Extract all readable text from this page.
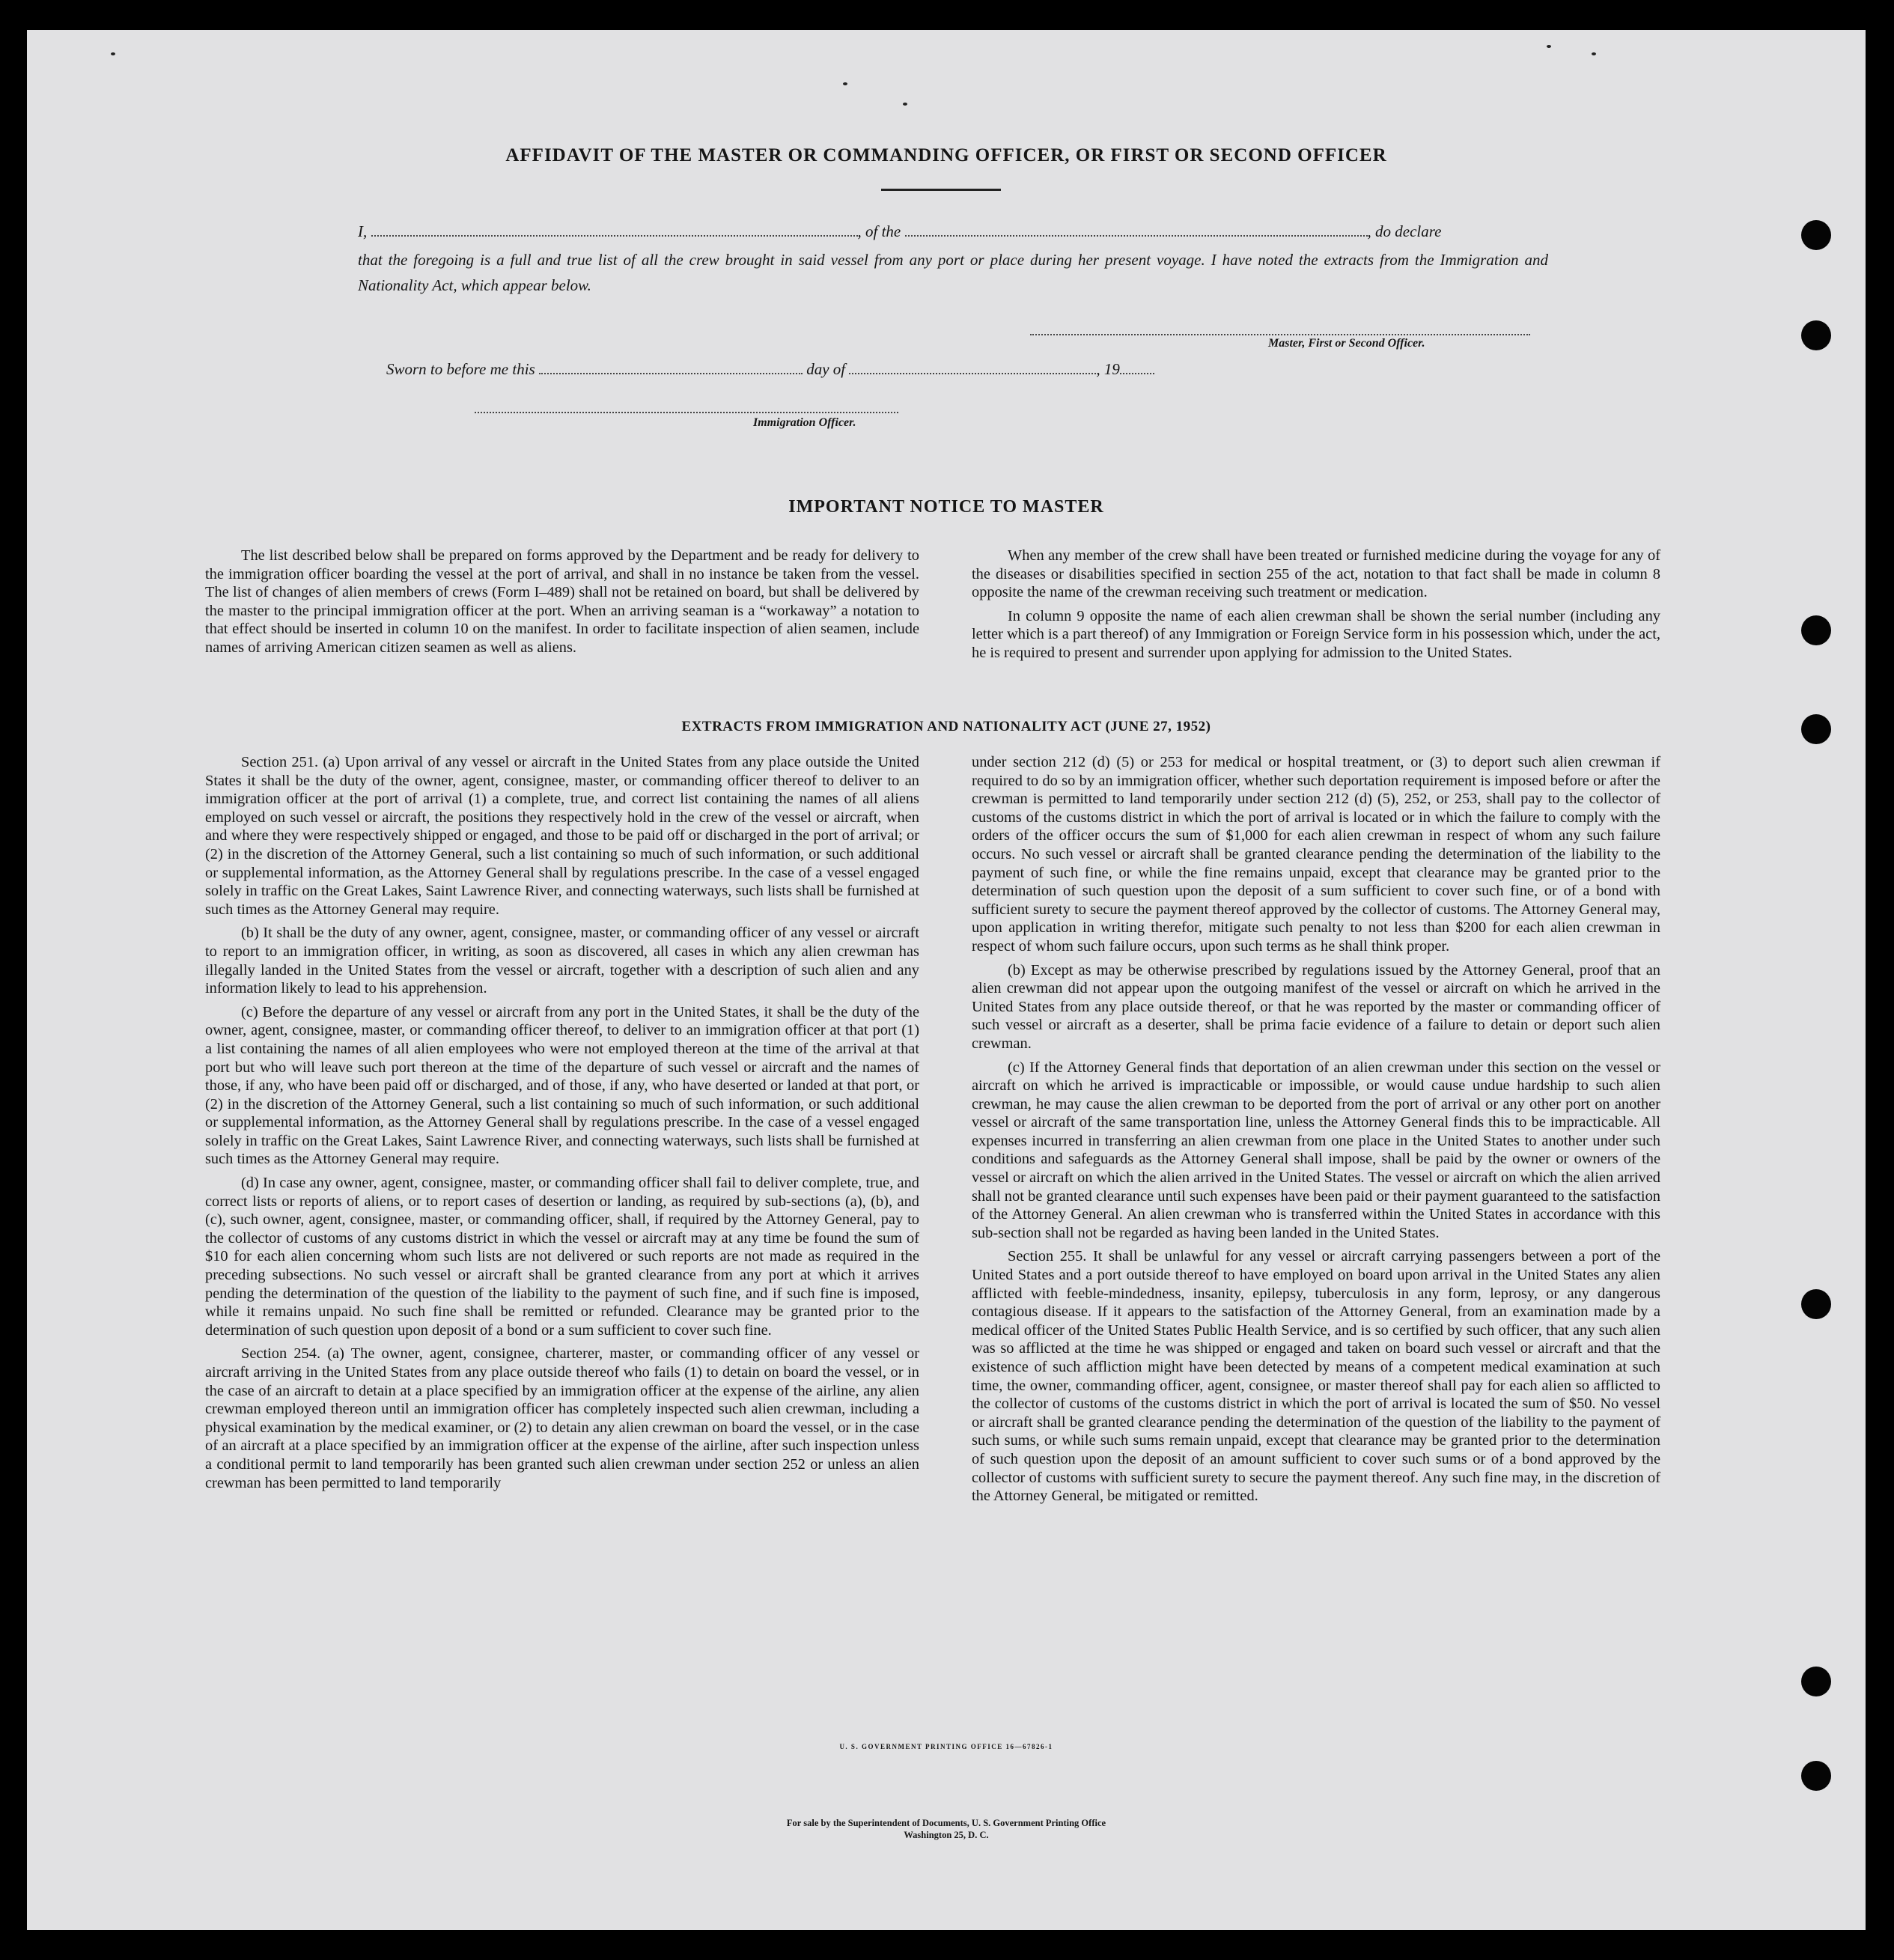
AFFIDAVIT OF THE MASTER OR COMMANDING OFFICER, OR FIRST OR SECOND OFFICER
I,	, of the	, do declare
that the foregoing is a full and true list of all the crew brought in said vessel from any port or place during her present voyage. I have noted the extracts from the Immigration and Nationality Act, which appear below.
Master, First or Second Officer.
Sworn to before me this	day of	, 19
Immigration Officer.
IMPORTANT NOTICE TO MASTER

The list described below shall be prepared on forms approved by the Department and be ready for delivery to the immigration officer boarding the vessel at the port of arrival, and shall in no instance be taken from the vessel. The list of changes of alien members of crews (Form I–489) shall not be retained on board, but shall be delivered by the master to the principal immigration officer at the port. When an arriving seaman is a “workaway” a notation to that effect should be inserted in column 10 on the manifest. In order to facilitate inspection of alien seamen, include names of arriving American citizen seamen as well as aliens.

When any member of the crew shall have been treated or furnished medicine during the voyage for any of the diseases or disabilities specified in section 255 of the act, notation to that fact shall be made in column 8 opposite the name of the crewman receiving such treatment or medication.

In column 9 opposite the name of each alien crewman shall be shown the serial number (including any letter which is a part thereof) of any Immigration or Foreign Service form in his possession which, under the act, he is required to present and surrender upon applying for admission to the United States.

EXTRACTS FROM IMMIGRATION AND NATIONALITY ACT (JUNE 27, 1952)

Section 251. (a) Upon arrival of any vessel or aircraft in the United States from any place outside the United States it shall be the duty of the owner, agent, consignee, master, or commanding officer thereof to deliver to an immigration officer at the port of arrival (1) a complete, true, and correct list containing the names of all aliens employed on such vessel or aircraft, the positions they respectively hold in the crew of the vessel or aircraft, when and where they were respectively shipped or engaged, and those to be paid off or discharged in the port of arrival; or (2) in the discretion of the Attorney General, such a list containing so much of such information, or such additional or supplemental information, as the Attorney General shall by regulations prescribe. In the case of a vessel engaged solely in traffic on the Great Lakes, Saint Lawrence River, and connecting waterways, such lists shall be furnished at such times as the Attorney General may require.

(b) It shall be the duty of any owner, agent, consignee, master, or commanding officer of any vessel or aircraft to report to an immigration officer, in writing, as soon as discovered, all cases in which any alien crewman has illegally landed in the United States from the vessel or aircraft, together with a description of such alien and any information likely to lead to his apprehension.

(c) Before the departure of any vessel or aircraft from any port in the United States, it shall be the duty of the owner, agent, consignee, master, or commanding officer thereof, to deliver to an immigration officer at that port (1) a list containing the names of all alien employees who were not employed thereon at the time of the arrival at that port but who will leave such port thereon at the time of the departure of such vessel or aircraft and the names of those, if any, who have been paid off or discharged, and of those, if any, who have deserted or landed at that port, or (2) in the discretion of the Attorney General, such a list containing so much of such information, or such additional or supplemental information, as the Attorney General shall by regulations prescribe. In the case of a vessel engaged solely in traffic on the Great Lakes, Saint Lawrence River, and connecting waterways, such lists shall be furnished at such times as the Attorney General may require.

(d) In case any owner, agent, consignee, master, or commanding officer shall fail to deliver complete, true, and correct lists or reports of aliens, or to report cases of desertion or landing, as required by sub-sections (a), (b), and (c), such owner, agent, consignee, master, or commanding officer, shall, if required by the Attorney General, pay to the collector of customs of any customs district in which the vessel or aircraft may at any time be found the sum of $10 for each alien concerning whom such lists are not delivered or such reports are not made as required in the preceding subsections. No such vessel or aircraft shall be granted clearance from any port at which it arrives pending the determination of the question of the liability to the payment of such fine, and if such fine is imposed, while it remains unpaid. No such fine shall be remitted or refunded. Clearance may be granted prior to the determination of such question upon deposit of a bond or a sum sufficient to cover such fine.

Section 254. (a) The owner, agent, consignee, charterer, master, or commanding officer of any vessel or aircraft arriving in the United States from any place outside thereof who fails (1) to detain on board the vessel, or in the case of an aircraft to detain at a place specified by an immigration officer at the expense of the airline, any alien crewman employed thereon until an immigration officer has completely inspected such alien crewman, including a physical examination by the medical examiner, or (2) to detain any alien crewman on board the vessel, or in the case of an aircraft at a place specified by an immigration officer at the expense of the airline, after such inspection unless a conditional permit to land temporarily has been granted such alien crewman under section 252 or unless an alien crewman has been permitted to land temporarily

under section 212 (d) (5) or 253 for medical or hospital treatment, or (3) to deport such alien crewman if required to do so by an immigration officer, whether such deportation requirement is imposed before or after the crewman is permitted to land temporarily under section 212 (d) (5), 252, or 253, shall pay to the collector of customs of the customs district in which the port of arrival is located or in which the failure to comply with the orders of the officer occurs the sum of $1,000 for each alien crewman in respect of whom any such failure occurs. No such vessel or aircraft shall be granted clearance pending the determination of the liability to the payment of such fine, or while the fine remains unpaid, except that clearance may be granted prior to the determination of such question upon the deposit of a sum sufficient to cover such fine, or of a bond with sufficient surety to secure the payment thereof approved by the collector of customs. The Attorney General may, upon application in writing therefor, mitigate such penalty to not less than $200 for each alien crewman in respect of whom such failure occurs, upon such terms as he shall think proper.

(b) Except as may be otherwise prescribed by regulations issued by the Attorney General, proof that an alien crewman did not appear upon the outgoing manifest of the vessel or aircraft on which he arrived in the United States from any place outside thereof, or that he was reported by the master or commanding officer of such vessel or aircraft as a deserter, shall be prima facie evidence of a failure to detain or deport such alien crewman.

(c) If the Attorney General finds that deportation of an alien crewman under this section on the vessel or aircraft on which he arrived is impracticable or impossible, or would cause undue hardship to such alien crewman, he may cause the alien crewman to be deported from the port of arrival or any other port on another vessel or aircraft of the same transportation line, unless the Attorney General finds this to be impracticable. All expenses incurred in transferring an alien crewman from one place in the United States to another under such conditions and safeguards as the Attorney General shall impose, shall be paid by the owner or owners of the vessel or aircraft on which the alien arrived in the United States. The vessel or aircraft on which the alien arrived shall not be granted clearance until such expenses have been paid or their payment guaranteed to the satisfaction of the Attorney General. An alien crewman who is transferred within the United States in accordance with this sub-section shall not be regarded as having been landed in the United States.

Section 255. It shall be unlawful for any vessel or aircraft carrying passengers between a port of the United States and a port outside thereof to have employed on board upon arrival in the United States any alien afflicted with feeble-mindedness, insanity, epilepsy, tuberculosis in any form, leprosy, or any dangerous contagious disease. If it appears to the satisfaction of the Attorney General, from an examination made by a medical officer of the United States Public Health Service, and is so certified by such officer, that any such alien was so afflicted at the time he was shipped or engaged and taken on board such vessel or aircraft and that the existence of such affliction might have been detected by means of a competent medical examination at such time, the owner, commanding officer, agent, consignee, or master thereof shall pay for each alien so afflicted to the collector of customs of the customs district in which the port of arrival is located the sum of $50. No vessel or aircraft shall be granted clearance pending the determination of the question of the liability to the payment of such sums, or while such sums remain unpaid, except that clearance may be granted prior to the determination of such question upon the deposit of an amount sufficient to cover such sums or of a bond approved by the collector of customs with sufficient surety to secure the payment thereof. Any such fine may, in the discretion of the Attorney General, be mitigated or remitted.

U. S. GOVERNMENT PRINTING OFFICE 16—67826-1
For sale by the Superintendent of Documents, U. S. Government Printing Office
Washington 25, D. C.
